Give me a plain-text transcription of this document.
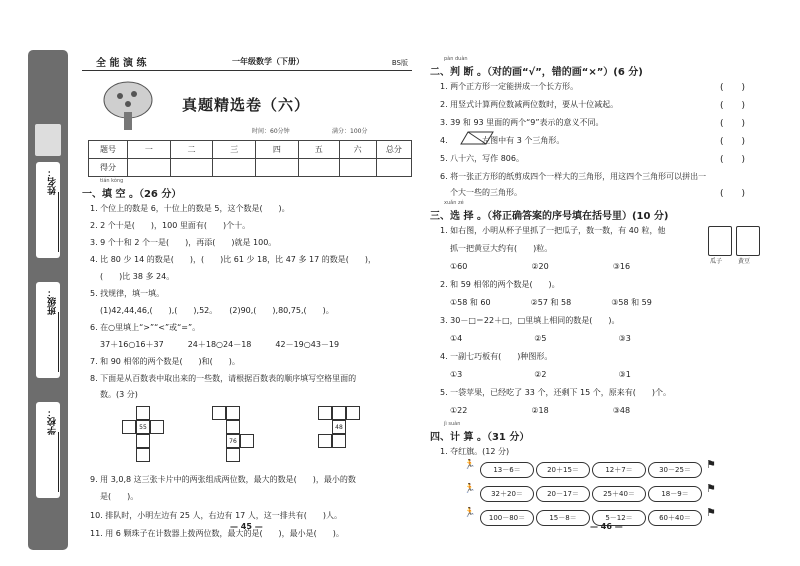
姓名：
班级：
学校：
全 能 演 练	一年级数学（下册）	BS版
真题精选卷（六）
时间：60分钟	满分：100分
题号	一	二	三	四	五	六	总分
得分							
tián kòng
一、填 空 。（26 分）
1. 个位上的数是 6，十位上的数是 5，这个数是(　　)。
2. 2 个十是(　　)，100 里面有(　　)个十。
3. 9 个十和 2 个一是(　　)，再添(　　)就是 100。
4. 比 80 少 14 的数是(　　)，(　　)比 61 少 18，比 47 多 17 的数是(　　)，
(　　)比 38 多 24。
5. 找规律，填一填。
(1)42,44,46,(　　),(　　),52。　　(2)90,(　　),80,75,(　　)。
6. 在○里填上“>”“<”或“=”。
37＋16○16＋37　　　24＋18○24－18　　　42－19○43－19
7. 和 90 相邻的两个数是(　　)和(　　)。
8. 下面是从百数表中取出来的一些数，请根据百数表的顺序填写空格里面的
数。(3 分)
55
76
48
9. 用 3,0,8 这三张卡片中的两张组成两位数，最大的数是(　　)，最小的数
是(　　)。
10. 排队时，小明左边有 25 人，右边有 17 人，这一排共有(　　)人。
11. 用 6 颗珠子在计数器上拨两位数，最大的是(　　)，最小是(　　)。
— 45 —
pàn duàn
二、判 断 。（对的画“√”，错的画“×”）(6 分)
1. 两个正方形一定能拼成一个长方形。
2. 用竖式计算两位数减两位数时，要从十位减起。
3. 39 和 93 里面的两个“9”表示的意义不同。
4. 　　　　左图中有 3 个三角形。
5. 八十六，写作 806。
6. 将一张正方形的纸剪成四个一样大的三角形，用这四个三角形可以拼出一
个大一些的三角形。
(　　)
(　　)
(　　)
(　　)
(　　)
(　　)
xuǎn zé
三、选 择 。（将正确答案的序号填在括号里）(10 分)
1. 如右图，小明从杯子里抓了一把瓜子，数一数，有 40 粒，他
抓一把黄豆大约有(　　)粒。
①60　　　　　　　　②20　　　　　　　　③16
2. 和 59 相邻的两个数是(　　)。
①58 和 60　　　　　②57 和 58　　　　　③58 和 59
3. 30－□＝22＋□，□里填上相同的数是(　　)。
①4　　　　　　　　　②5　　　　　　　　　③3
4. 一副七巧板有(　　)种图形。
①3　　　　　　　　　②2　　　　　　　　　③1
5. 一袋苹果，已经吃了 33 个，还剩下 15 个，原来有(　　)个。
①22　　　　　　　　②18　　　　　　　　③48
瓜子	黄豆
jì suàn
四、计 算 。（31 分）
1. 夺红旗。(12 分)
🏃	13－6＝	20＋15＝	12＋7＝	30－25＝	⚑
🏃	32＋20＝	20－17＝	25＋40＝	18－9＝	⚑
🏃	100－80＝	15－8＝	5－12＝	60＋40＝	⚑
— 46 —
